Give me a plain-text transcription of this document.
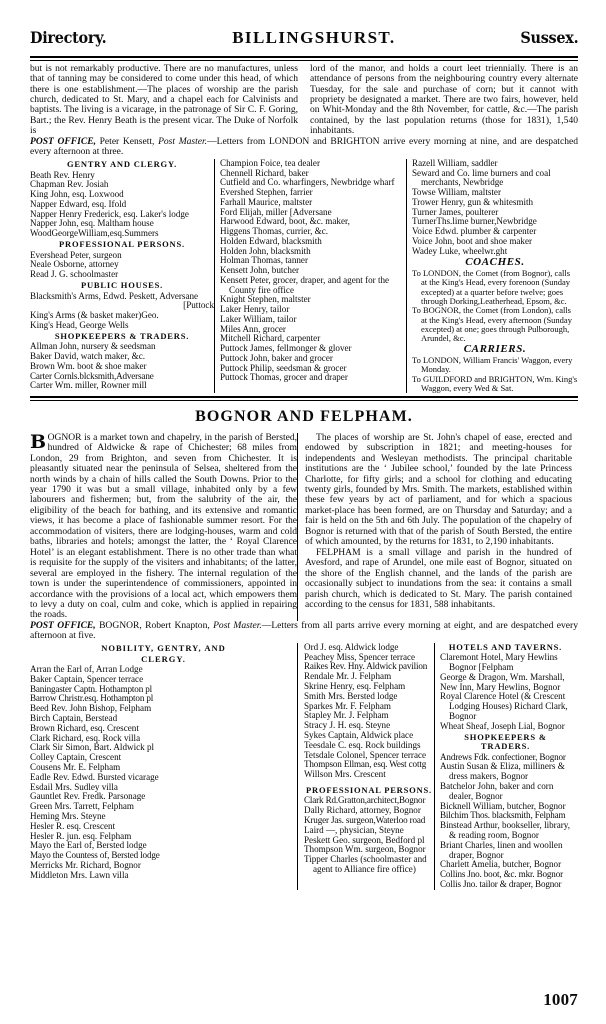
Directory.	BILLINGSHURST.	Sussex.
but is not remarkably productive. There are no manufactures, unless that of tanning may be considered to come under this head, of which there is one establishment.—The places of worship are the parish church, dedicated to St. Mary, and a chapel each for Calvinists and baptists. The living is a vicarage, in the patronage of Sir C. F. Goring, Bart.; the Rev. Henry Beath is the present vicar. The Duke of Norfolk is
lord of the manor, and holds a court leet triennially. There is an attendance of persons from the neighbouring country every alternate Tuesday, for the sale and purchase of corn; but it cannot with propriety be designated a market. There are two fairs, however, held on Whit-Monday and the 8th November, for cattle, &c.—The parish contained, by the last population returns (those for 1831), 1,540 inhabitants.
POST OFFICE, Peter Kensett, Post Master.—Letters from LONDON and BRIGHTON arrive every morning at nine, and are despatched every afternoon at three.
GENTRY AND CLERGY.
Beath Rev. Henry
Chapman Rev. Josiah
King John, esq. Loxwood
Napper Edward, esq. Ifold
Napper Henry Frederick, esq. Laker's lodge
Napper John, esq. Maltham house
WoodGeorgeWilliam,esq.Summers
PROFESSIONAL PERSONS.
Evershead Peter, surgeon
Neale Osborne, attorney
Read J. G. schoolmaster
PUBLIC HOUSES.
Blacksmith's Arms, Edwd. Peskett, Adversane
[Puttock
King's Arms (& basket maker)Geo.
King's Head, George Wells
SHOPKEEPERS & TRADERS.
Allman John, nursery & seedsman
Baker David, watch maker, &c.
Brown Wm. boot & shoe maker
Carter Cornls.blcksmith,Adversane
Carter Wm. miller, Rowner mill
Champion Foice, tea dealer
Chennell Richard, baker
Cutfield and Co. wharfingers, Newbridge wharf
Evershed Stephen, farrier
Farhall Maurice, maltster
Ford Elijah, miller [Adversane
Harwood Edward, boot, &c. maker,
Higgens Thomas, currier, &c.
Holden Edward, blacksmith
Holden John, blacksmith
Holman Thomas, tanner
Kensett John, butcher
Kensett Peter, grocer, draper, and agent for the County fire office
Knight Stephen, maltster
Laker Henry, tailor
Laker William, tailor
Miles Ann, grocer
Mitchell Richard, carpenter
Puttock James, fellmonger & glover
Puttock John, baker and grocer
Puttock Philip, seedsman & grocer
Puttock Thomas, grocer and draper
Razell William, saddler
Seward and Co. lime burners and coal merchants, Newbridge
Towse William, maltster
Trower Henry, gun & whitesmith
Turner James, poulterer
TurnerThs.lime burner,Newbridge
Voice Edwd. plumber & carpenter
Voice John, boot and shoe maker
Wadey Luke, wheelwr.ght
COACHES.
To LONDON, the Comet (from Bognor), calls at the King's Head, every forenoon (Sunday excepted) at a quarter before twelve; goes through Dorking,Leatherhead, Epsom, &c.
To BOGNOR, the Comet (from London), calls at the King's Head, every afternoon (Sunday excepted) at one; goes through Pulborough, Arundel, &c.
CARRIERS.
To LONDON, William Francis' Waggon, every Monday.
To GUILDFORD and BRIGHTON, Wm. King's Waggon, every Wed & Sat.
BOGNOR AND FELPHAM.
BOGNOR is a market town and chapelry, in the parish of Bersted, hundred of Aldwicke & rape of Chichester; 68 miles from London, 29 from Brighton, and seven from Chichester. It is pleasantly situated near the peninsula of Selsea, sheltered from the north winds by a chain of hills called the South Downs. Prior to the year 1790 it was but a small village, inhabited only by a few labourers and fishermen; but, from the salubrity of the air, the eligibility of the beach for bathing, and its extensive and romantic views, it has become a place of fashionable summer resort. For the accommodation of visiters, there are lodging-houses, warm and cold baths, libraries and hotels; amongst the latter, the ‘ Royal Clarence Hotel’ is an elegant establishment. There is no other trade than what is requisite for the supply of the visiters and inhabitants; of the latter, several are employed in the fishery. The internal regulation of the town is under the superintendence of commissioners, appointed in accordance with the provisions of a local act, which empowers them to levy a duty on coal, culm and coke, which is applied in repairing the roads.

The places of worship are St. John's chapel of ease, erected and endowed by subscription in 1821; and meeting-houses for independents and Wesleyan methodists. The principal charitable institutions are the ‘ Jubilee school,’ founded by the late Princess Charlotte, for fifty girls; and a school for clothing and educating twenty girls, founded by Mrs. Smith. The markets, established within these few years by act of parliament, and for which a spacious market-place has been formed, are on Thursday and Saturday; and a fair is held on the 5th and 6th July. The population of the chapelry of Bognor is returned with that of the parish of South Bersted, the entire of which amounted, by the returns for 1831, to 2,190 inhabitants.

FELPHAM is a small village and parish in the hundred of Avesford, and rape of Arundel, one mile east of Bognor, situated on the shore of the English channel, and the lands of the parish are occasionally subject to inundations from the sea: it contains a small parish church, which is dedicated to St. Mary. The parish contained according to the census for 1831, 588 inhabitants.

POST OFFICE, BOGNOR, Robert Knapton, Post Master.—Letters from all parts arrive every morning at eight, and are despatched every afternoon at five.
NOBILITY, GENTRY, AND
CLERGY.
Arran the Earl of, Arran Lodge
Baker Captain, Spencer terrace
Baningaster Captn. Hothampton pl
Barrow Christr.esq. Hothampton pl
Beed Rev. John Bishop, Felpham
Birch Captain, Berstead
Brown Richard, esq. Crescent
Clark Richard, esq. Rock villa
Clark Sir Simon, Bart. Aldwick pl
Colley Captain, Crescent
Cousens Mr. E. Felpham
Eadle Rev. Edwd. Bursted vicarage
Esdail Mrs. Sudley villa
Gauntlet Rev. Fredk. Parsonage
Green Mrs. Tarrett, Felpham
Heming Mrs. Steyne
Hesler R. esq. Crescent
Hesler R. jun. esq. Felpham
Mayo the Earl of, Bersted lodge
Mayo the Countess of, Bersted lodge
Merricks Mr. Richard, Bognor
Middleton Mrs. Lawn villa
Ord J. esq. Aldwick lodge
Peachey Miss, Spencer terrace
Raikes Rev. Hny. Aldwick pavilion
Rendale Mr. J. Felpham
Skrine Henry, esq. Felpham
Smith Mrs. Bersted lodge
Sparkes Mr. F. Felpham
Stapley Mr. J. Felpham
Stracy J. H. esq. Steyne
Sykes Captain, Aldwick place
Teesdale C. esq. Rock buildings
Tetsdale Colonel, Spencer terrace
Thompson Ellman, esq. West cottg
Willson Mrs. Crescent
PROFESSIONAL PERSONS.
Clark Rd.Gratton,architect,Bognor
Dally Richard, attorney, Bognor
Kruger Jas. surgeon,Waterloo road
Laird —, physician, Steyne
Peskett Geo. surgeon, Bedford pl
Thompson Wm. surgeon, Bognor
Tipper Charles (schoolmaster and agent to Alliance fire office)
HOTELS AND TAVERNS.
Claremont Hotel, Mary Hewlins Bognor [Felpham
George & Dragon, Wm. Marshall,
New Inn, Mary Hewlins, Bognor
Royal Clarence Hotel (& Crescent Lodging Houses) Richard Clark, Bognor
Wheat Sheaf, Joseph Lial, Bognor
SHOPKEEPERS & TRADERS.
Andrews Fdk. confectioner, Bognor
Austin Susan & Eliza, milliners & dress makers, Bognor
Batchelor John, baker and corn dealer, Bognor
Bicknell William, butcher, Bognor
Bilchim Thos. blacksmith, Felpham
Binstead Arthur, bookseller, library, & reading room, Bognor
Briant Charles, linen and woollen draper, Bognor
Charlett Amelia, butcher, Bognor
Collins Jno. boot, &c. mkr. Bognor
Collis Jno. tailor & draper, Bognor
1007
